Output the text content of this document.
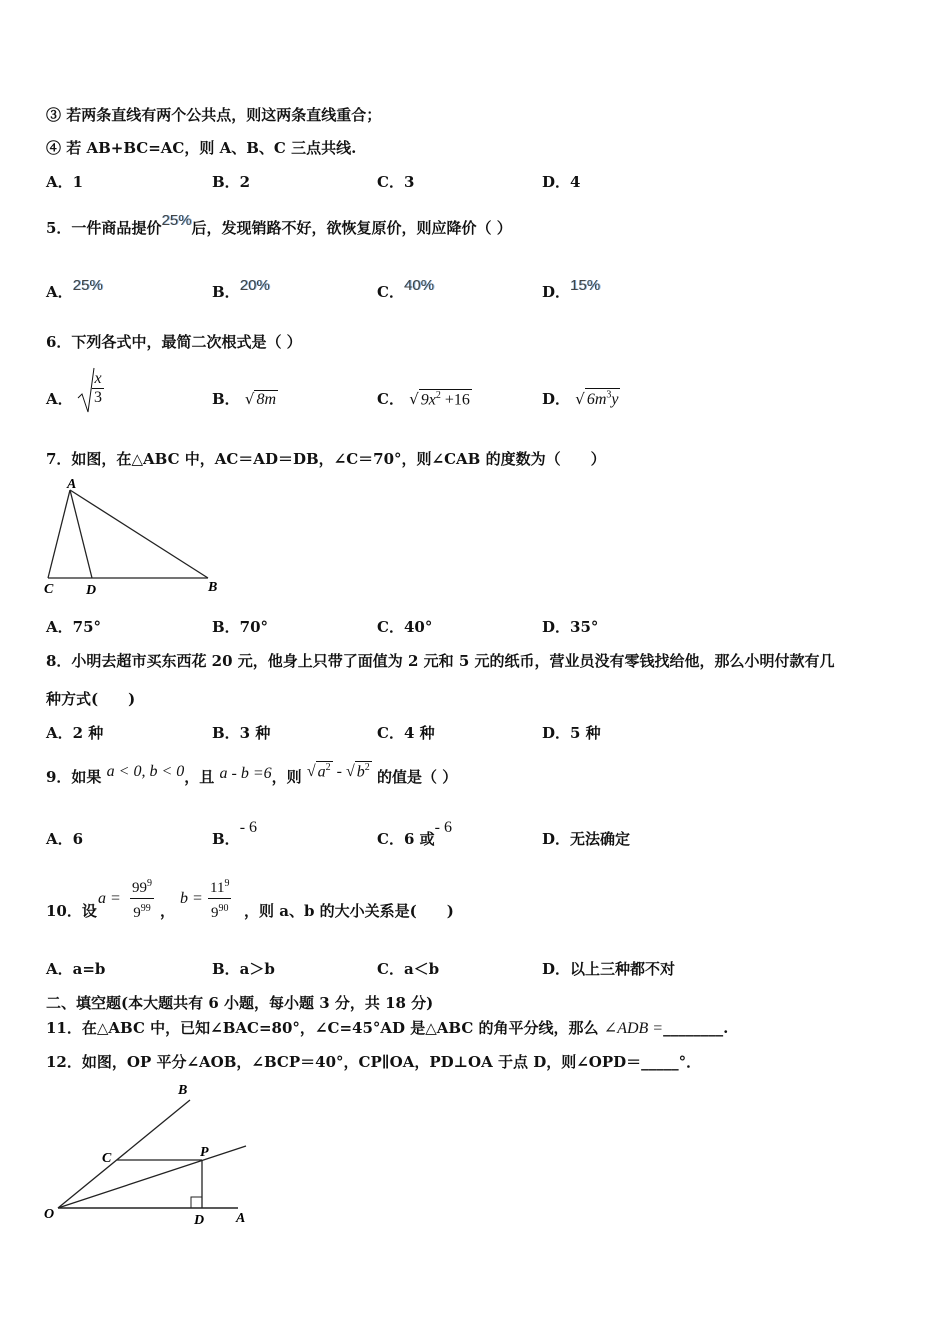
③ 若两条直线有两个公共点，则这两条直线重合；
④ 若 AB+BC=AC，则 A、B、C 三点共线.
A．1	B．2	C．3	D．4
5．一件商品提价25%后，发现销路不好，欲恢复原价，则应降价（ ）
A．25%	B．20%	C．40%	D．15%
6．下列各式中，最简二次根式是（ ）
A． $\frac{x}{3}$	B． √ 8m	C． √ $9x^2 +16$	D． √ $6m^3y$
7．如图，在△ABC 中，AC＝AD＝DB，∠C＝70°，则∠CAB 的度数为（　　）
A
C D	B
A．75°	B．70°	C．40°	D．35°
8．小明去超市买东西花 20 元，他身上只带了面值为 2 元和 5 元的纸币，营业员没有零钱找给他，那么小明付款有几
种方式(　　)
A．2 种	B．3 种	C．4 种	D．5 种
9．如果 a < 0, b < 0，且 a - b =6，则 √ $a^2$ - √ $b^2$ 的值是（ ）
A．6	B．- 6
C．6 或- 6
D．无法确定
10．设
$a = \frac{99^9}{9^{99}}$ ，
$b = \frac{11^9}{9^{90}}$ ，则 a、b 的大小关系是(　　)
A．a=b	B．a＞b	C．a＜b	D．以上三种都不对
二、填空题(本大题共有 6 小题，每小题 3 分，共 18 分)
11．在△ABC 中，已知∠BAC=80°，∠C=45°AD 是△ABC 的角平分线，那么 ∠ADB =________.
12．如图，OP 平分∠AOB，∠BCP＝40°，CP∥OA，PD⊥OA 于点 D，则∠OPD＝_____°．
B
C	P
O	D A
